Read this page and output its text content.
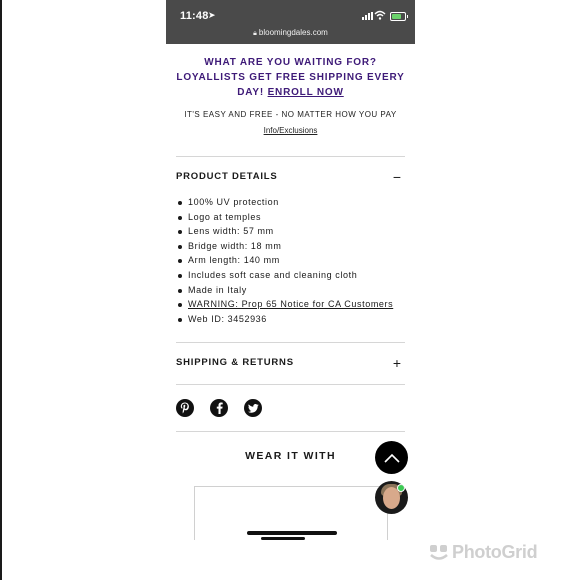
11:48 ➤
🔒︎ bloomingdales.com
WHAT ARE YOU WAITING FOR? LOYALLISTS GET FREE SHIPPING EVERY DAY! ENROLL NOW
IT'S EASY AND FREE - NO MATTER HOW YOU PAY
Info/Exclusions
PRODUCT DETAILS	−
100% UV protection
Logo at temples
Lens width: 57 mm
Bridge width: 18 mm
Arm length: 140 mm
Includes soft case and cleaning cloth
Made in Italy
WARNING: Prop 65 Notice for CA Customers
Web ID: 3452936
SHIPPING & RETURNS	+
WEAR IT WITH
PhotoGrid
